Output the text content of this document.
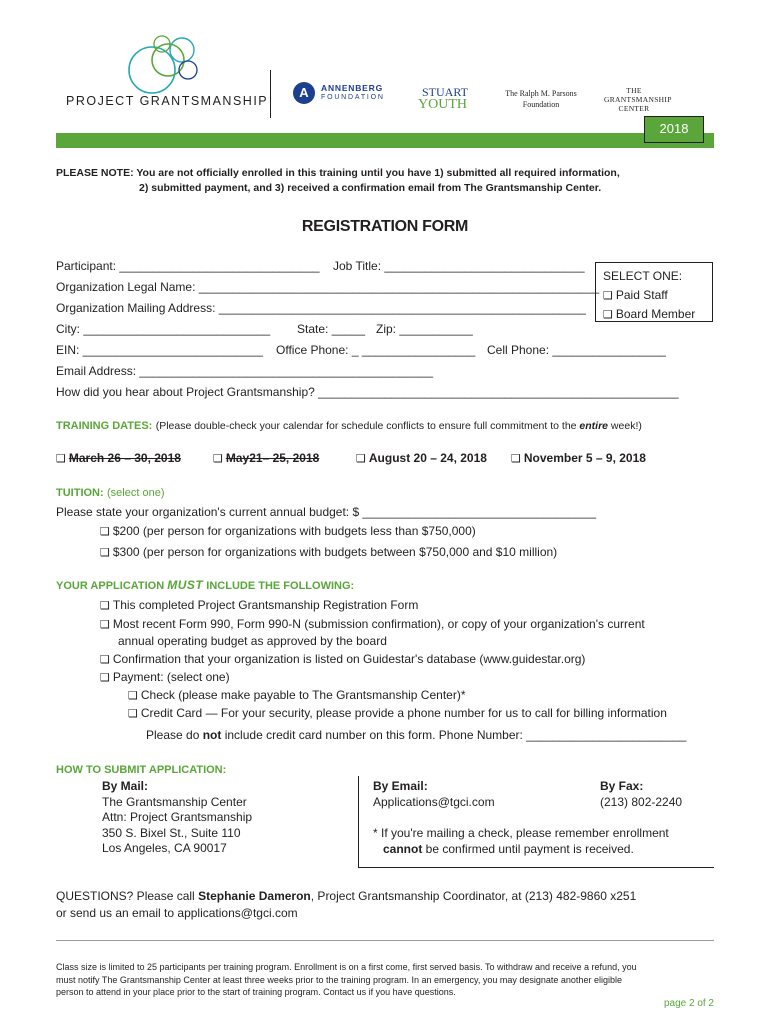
PROJECT GRANTSMANSHIP
A	ANNENBERG
FOUNDATION	STUART
YOUTH
The Ralph M. Parsons
Foundation
THE
GRANTSMANSHIP
CENTER
2018
PLEASE NOTE: You are not officially enrolled in this training until you have 1) submitted all required information,
2) submitted payment, and 3) received a confirmation email from The Grantsmanship Center.
REGISTRATION FORM
Participant: ______________________________ Job Title: ______________________________
Organization Legal Name: ____________________________________________________________
Organization Mailing Address: _______________________________________________________
City: ____________________________ State: _____ Zip: ___________
EIN: ___________________________ Office Phone: _ _________________ Cell Phone: _________________
Email Address: ____________________________________________
How did you hear about Project Grantsmanship? ______________________________________________________
SELECT ONE:
❑ Paid Staff
❑ Board Member
TRAINING DATES: (Please double-check your calendar for schedule conflicts to ensure full commitment to the entire week!)
❑ March 26 – 30, 2018	❑ May21– 25, 2018	❑ August 20 – 24, 2018 ❑ November 5 – 9, 2018
TUITION: (select one)
Please state your organization's current annual budget: $ ___________________________________
❑ $200 (per person for organizations with budgets less than $750,000)
❑ $300 (per person for organizations with budgets between $750,000 and $10 million)
YOUR APPLICATION MUST INCLUDE THE FOLLOWING:
❑ This completed Project Grantsmanship Registration Form
❑ Most recent Form 990, Form 990-N (submission confirmation), or copy of your organization's current
annual operating budget as approved by the board
❑ Confirmation that your organization is listed on Guidestar's database (www.guidestar.org)
❑ Payment: (select one)
❑ Check (please make payable to The Grantsmanship Center)*
❑ Credit Card — For your security, please provide a phone number for us to call for billing information
Please do not include credit card number on this form. Phone Number: ________________________
HOW TO SUBMIT APPLICATION:
By Mail:
The Grantsmanship Center
Attn: Project Grantsmanship
350 S. Bixel St., Suite 110
Los Angeles, CA 90017
By Email:
Applications@tgci.com
By Fax:
(213) 802-2240
* If you're mailing a check, please remember enrollment
cannot be confirmed until payment is received.
QUESTIONS? Please call Stephanie Dameron, Project Grantsmanship Coordinator, at (213) 482-9860 x251
or send us an email to applications@tgci.com
Class size is limited to 25 participants per training program. Enrollment is on a first come, first served basis. To withdraw and receive a refund, you
must notify The Grantsmanship Center at least three weeks prior to the training program. In an emergency, you may designate another eligible
person to attend in your place prior to the start of training program. Contact us if you have questions.
page 2 of 2
